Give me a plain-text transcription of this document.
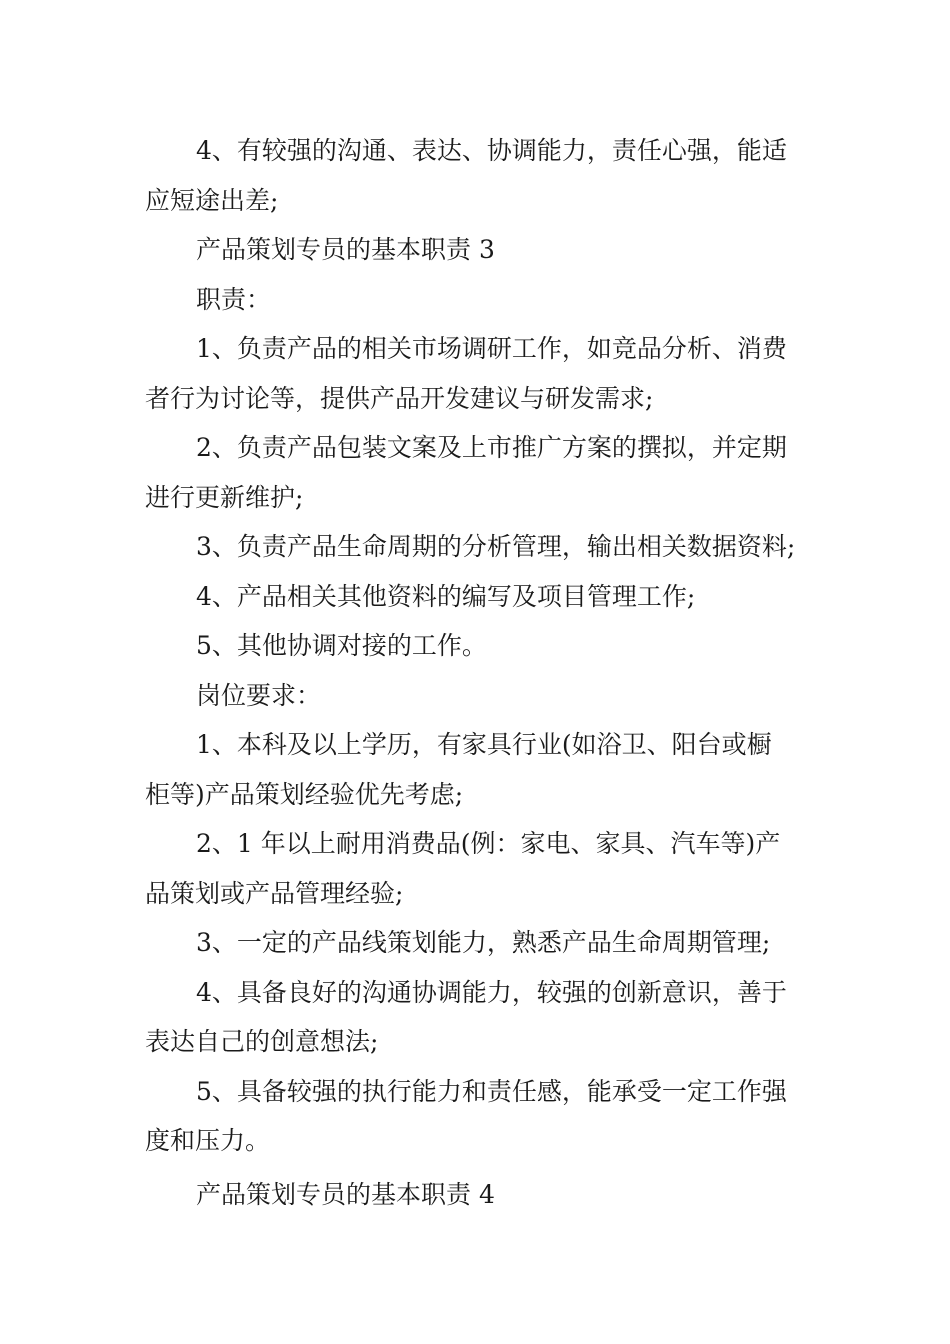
4、有较强的沟通、表达、协调能力，责任心强，能适
应短途出差;
产品策划专员的基本职责 3
职责：
1、负责产品的相关市场调研工作，如竞品分析、消费
者行为讨论等，提供产品开发建议与研发需求;
2、负责产品包装文案及上市推广方案的撰拟，并定期
进行更新维护;
3、负责产品生命周期的分析管理，输出相关数据资料;
4、产品相关其他资料的编写及项目管理工作;
5、其他协调对接的工作。
岗位要求：
1、本科及以上学历，有家具行业(如浴卫、阳台或橱
柜等)产品策划经验优先考虑;
2、1 年以上耐用消费品(例：家电、家具、汽车等)产
品策划或产品管理经验;
3、一定的产品线策划能力，熟悉产品生命周期管理;
4、具备良好的沟通协调能力，较强的创新意识，善于
表达自己的创意想法;
5、具备较强的执行能力和责任感，能承受一定工作强
度和压力。
产品策划专员的基本职责 4
